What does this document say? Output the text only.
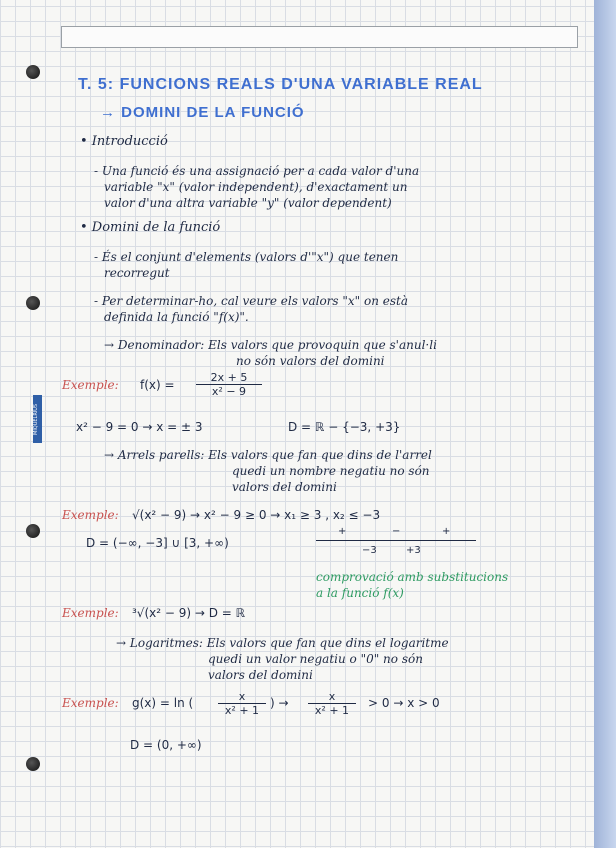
MIQUELRIUS
T. 5: FUNCIONS REALS D'UNA VARIABLE REAL
→ DOMINI DE LA FUNCIÓ
• Introducció
- Una funció és una assignació per a cada valor d'una
variable "x" (valor independent), d'exactament un
valor d'una altra variable "y" (valor dependent)
• Domini de la funció
- És el conjunt d'elements (valors d'"x") que tenen
recorregut
- Per determinar-ho, cal veure els valors "x" on està
definida la funció "f(x)".
→ Denominador: Els valors que provoquin que s'anul·li
no són valors del domini
Exemple: $f(x) = \frac{2x + 5}{\text{x² − 9}}$
x² − 9 = 0 → x = ± 3	D = ℝ − {−3, +3}
→ Arrels parells: Els valors que fan que dins de l'arrel
quedi un nombre negatiu no són
valors del domini
Exemple: √(x² − 9) → x² − 9 ≥ 0 → x₁ ≥ 3 , x₂ ≤ −3
D = (−∞, −3] ∪ [3, +∞)
+	−	+
−3	+3
comprovació amb substitucions
a la funció f(x)
Exemple: ³√(x² − 9) → D = ℝ
→ Logaritmes: Els valors que fan que dins el logaritme
quedi un valor negatiu o "0" no són
valors del domini
Exemple: g(x) = ln ( $\frac{x}{\text{x² + 1}}$ ) → $\frac{x}{\text{x² + 1}} > 0 \to x > 0$
D = (0, +∞)
